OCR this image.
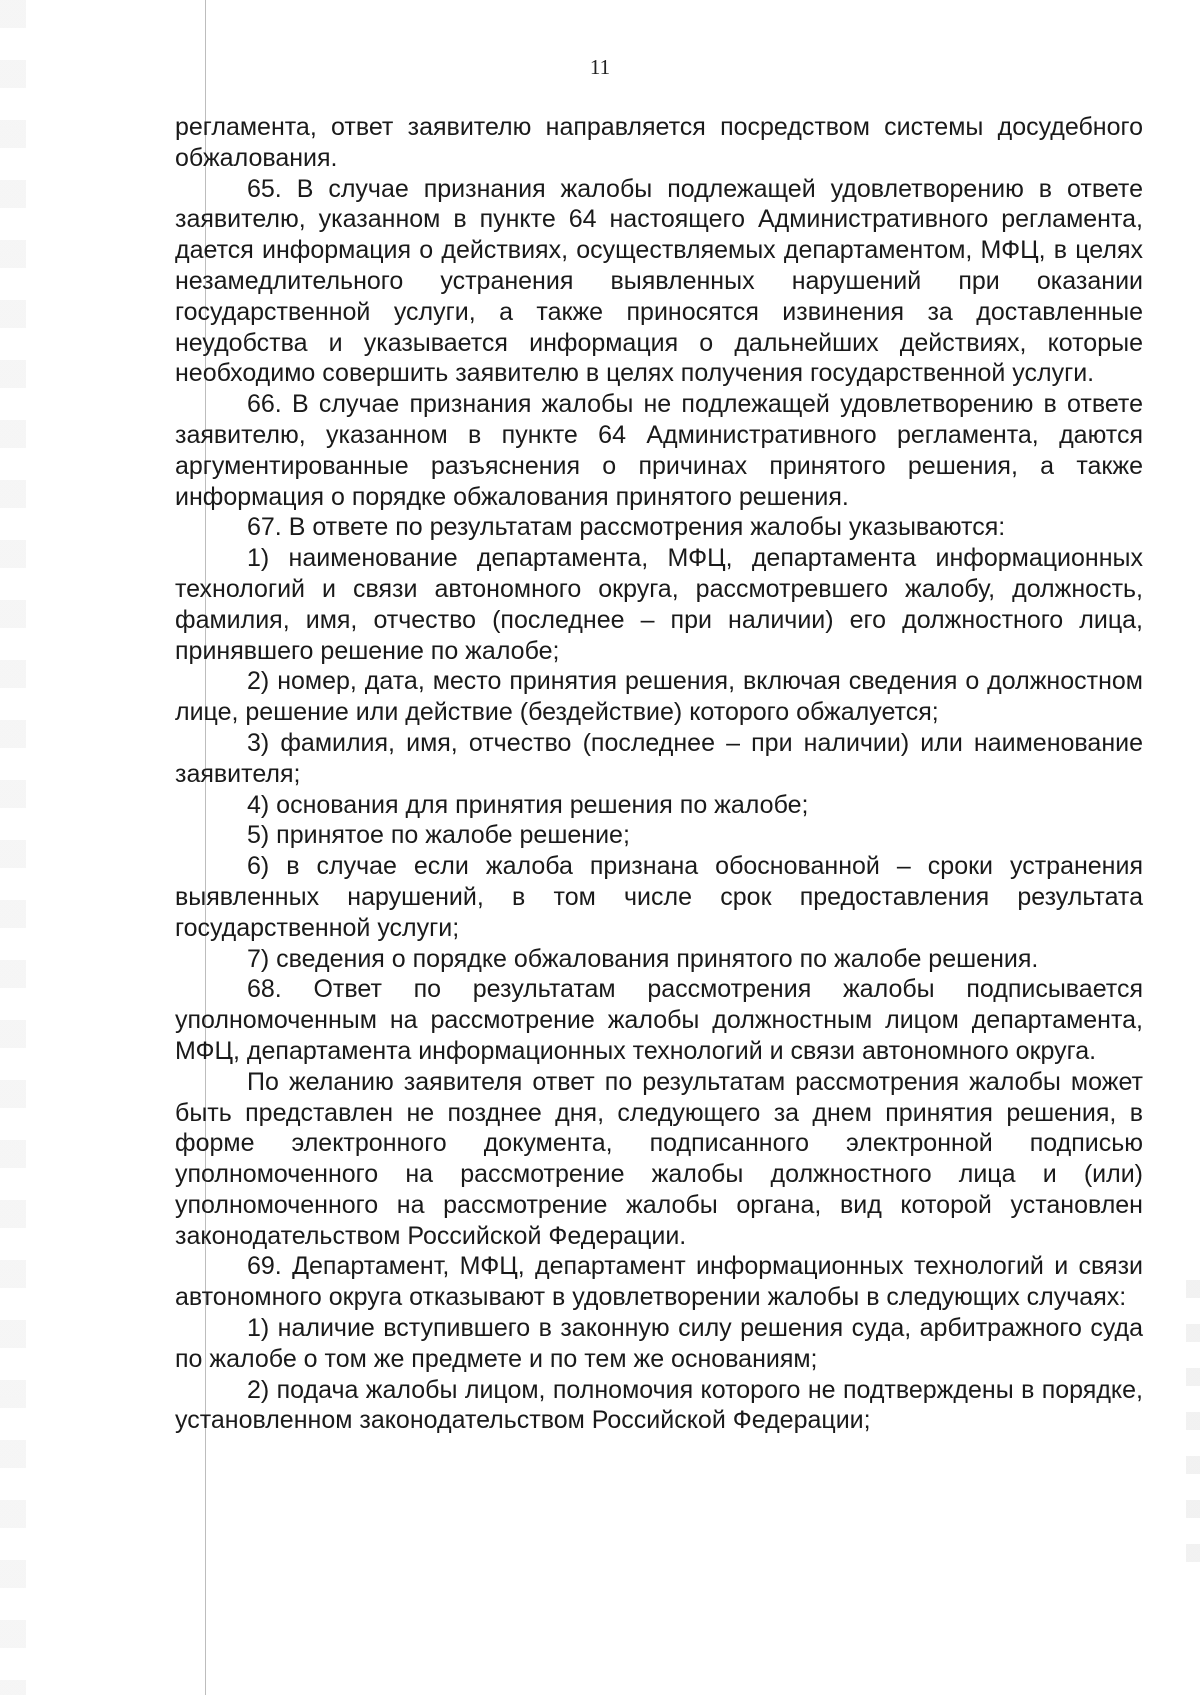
11

регламента, ответ заявителю направляется посредством системы досудебного обжалования.

65. В случае признания жалобы подлежащей удовлетворению в ответе заявителю, указанном в пункте 64 настоящего Административного регламента, дается информация о действиях, осуществляемых департаментом, МФЦ, в целях незамедлительного устранения выявленных нарушений при оказании государственной услуги, а также приносятся извинения за доставленные неудобства и указывается информация о дальнейших действиях, которые необходимо совершить заявителю в целях получения государственной услуги.

66. В случае признания жалобы не подлежащей удовлетворению в ответе заявителю, указанном в пункте 64 Административного регламента, даются аргументированные разъяснения о причинах принятого решения, а также информация о порядке обжалования принятого решения.

67. В ответе по результатам рассмотрения жалобы указываются:

1) наименование департамента, МФЦ, департамента информационных технологий и связи автономного округа, рассмотревшего жалобу, должность, фамилия, имя, отчество (последнее – при наличии) его должностного лица, принявшего решение по жалобе;

2) номер, дата, место принятия решения, включая сведения о должностном лице, решение или действие (бездействие) которого обжалуется;

3) фамилия, имя, отчество (последнее – при наличии) или наименование заявителя;

4) основания для принятия решения по жалобе;

5) принятое по жалобе решение;

6) в случае если жалоба признана обоснованной – сроки устранения выявленных нарушений, в том числе срок предоставления результата государственной услуги;

7) сведения о порядке обжалования принятого по жалобе решения.

68. Ответ по результатам рассмотрения жалобы подписывается уполномоченным на рассмотрение жалобы должностным лицом департамента, МФЦ, департамента информационных технологий и связи автономного округа.

По желанию заявителя ответ по результатам рассмотрения жалобы может быть представлен не позднее дня, следующего за днем принятия решения, в форме электронного документа, подписанного электронной подписью уполномоченного на рассмотрение жалобы должностного лица и (или) уполномоченного на рассмотрение жалобы органа, вид которой установлен законодательством Российской Федерации.

69. Департамент, МФЦ, департамент информационных технологий и связи автономного округа отказывают в удовлетворении жалобы в следующих случаях:

1) наличие вступившего в законную силу решения суда, арбитражного суда по жалобе о том же предмете и по тем же основаниям;

2) подача жалобы лицом, полномочия которого не подтверждены в порядке, установленном законодательством Российской Федерации;
